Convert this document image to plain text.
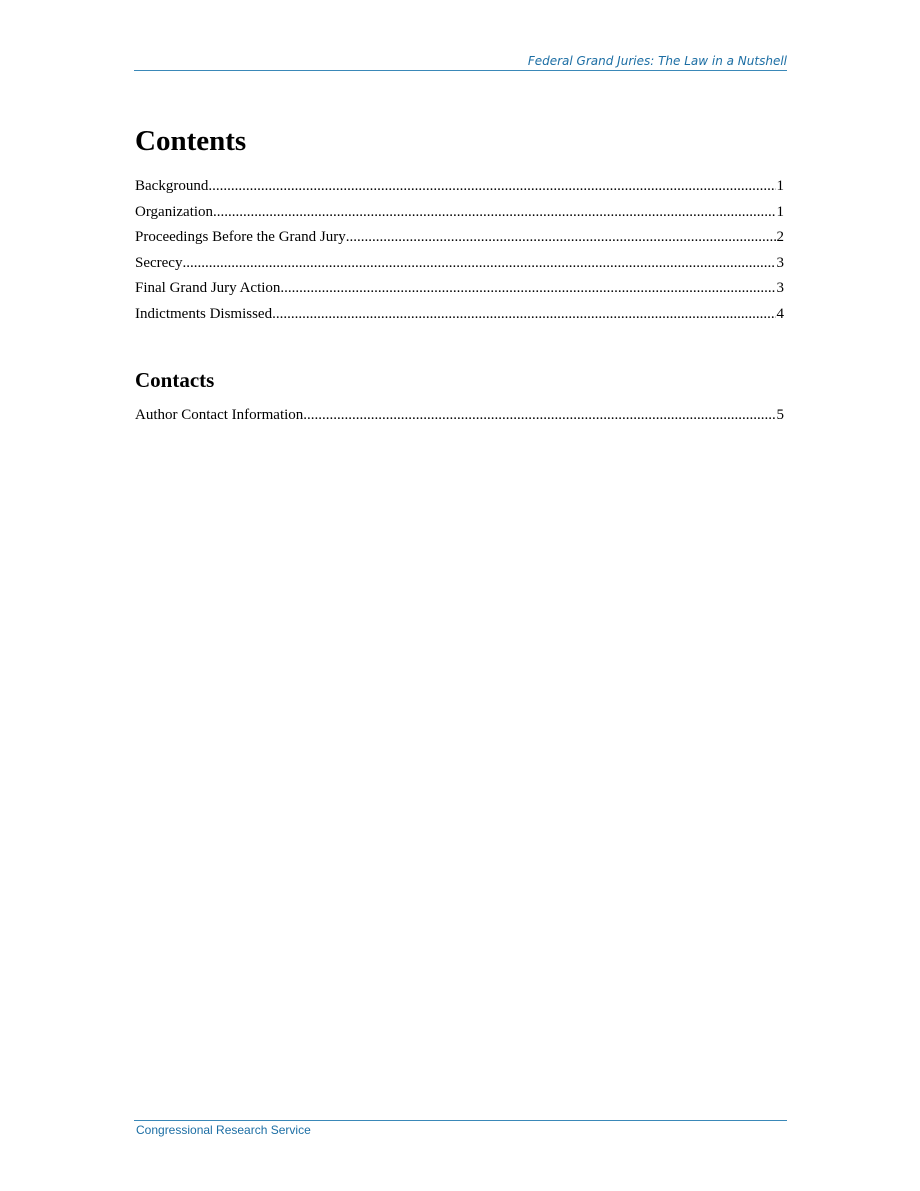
Federal Grand Juries: The Law in a Nutshell
Contents
Background .....	1
Organization .....	1
Proceedings Before the Grand Jury .....	2
Secrecy .....	3
Final Grand Jury Action .....	3
Indictments Dismissed .....	4
Contacts
Author Contact Information .....	5
Congressional Research Service
